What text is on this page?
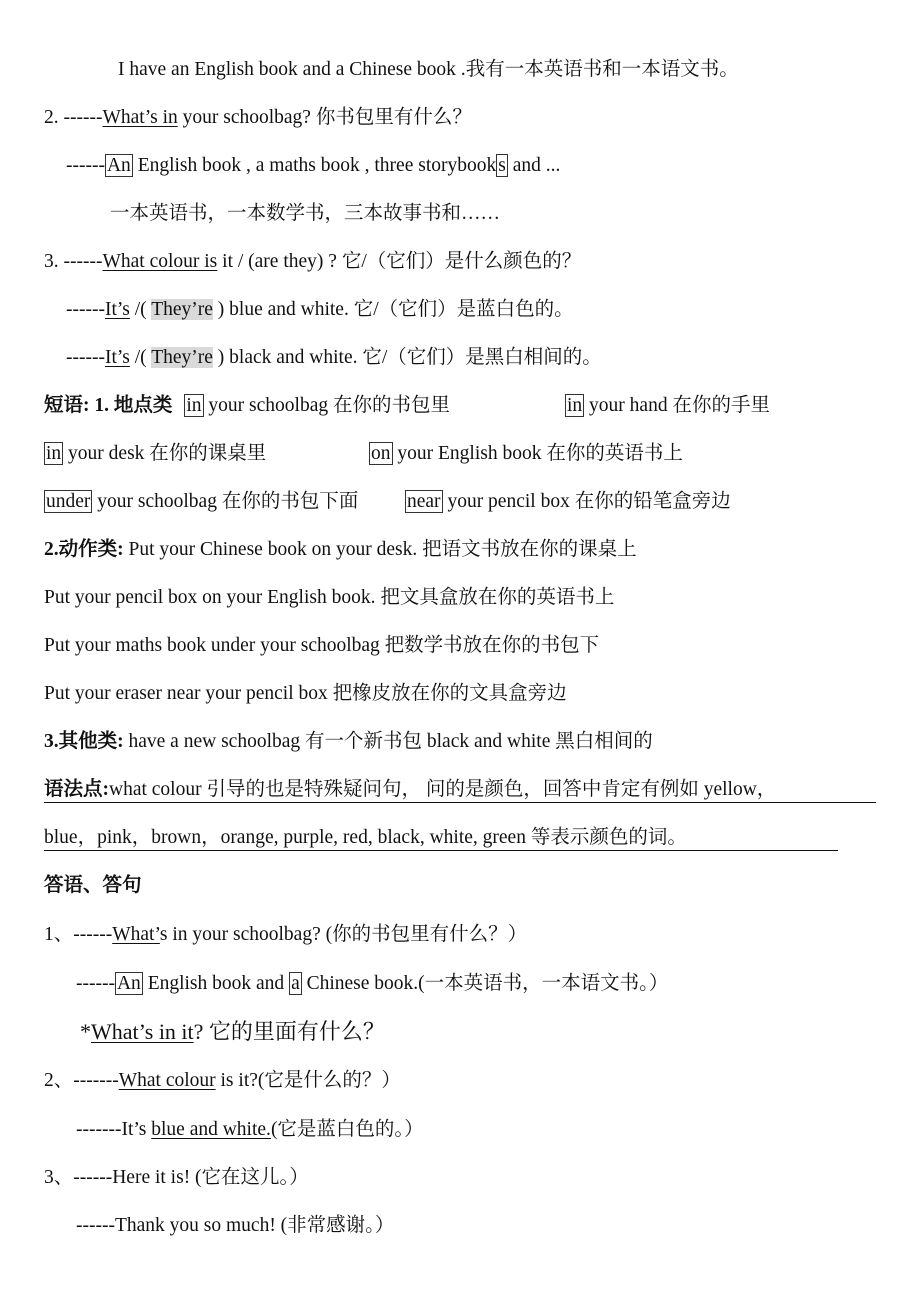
I have an English book and a Chinese book .我有一本英语书和一本语文书。
2. ------What’s in your schoolbag? 你书包里有什么？
------ An English book , a maths book , three storybook s and ...
一本英语书，一本数学书，三本故事书和……
3. ------What colour is it / (are they) ? 它/（它们）是什么颜色的？
------It’s /( They’re ) blue and white. 它/（它们）是蓝白色的。
------It’s /( They’re ) black and white. 它/（它们）是黑白相间的。
短语: 1. 地点类 in your schoolbag 在你的书包里	in your hand 在你的手里
in your desk 在你的课桌里	on your English book 在你的英语书上
under your schoolbag 在你的书包下面 near your pencil box 在你的铅笔盒旁边
2.动作类: Put your Chinese book on your desk. 把语文书放在你的课桌上
Put your pencil box on your English book. 把文具盒放在你的英语书上
Put your maths book under your schoolbag 把数学书放在你的书包下
Put your eraser near your pencil box 把橡皮放在你的文具盒旁边
3.其他类: have a new schoolbag 有一个新书包 black and white 黑白相间的
语法点:what colour 引导的也是特殊疑问句， 问的是颜色，回答中肯定有例如 yellow，
blue，pink，brown，orange, purple, red, black, white, green 等表示颜色的词。
答语、答句
1、------What’s in your schoolbag? (你的书包里有什么？）
------ An English book and a Chinese book.(一本英语书，一本语文书。）
*What’s in it? 它的里面有什么？
2、-------What colour is it?(它是什么的？）
-------It’s blue and white.(它是蓝白色的。）
3、------Here it is! (它在这儿。）
------Thank you so much! (非常感谢。）
